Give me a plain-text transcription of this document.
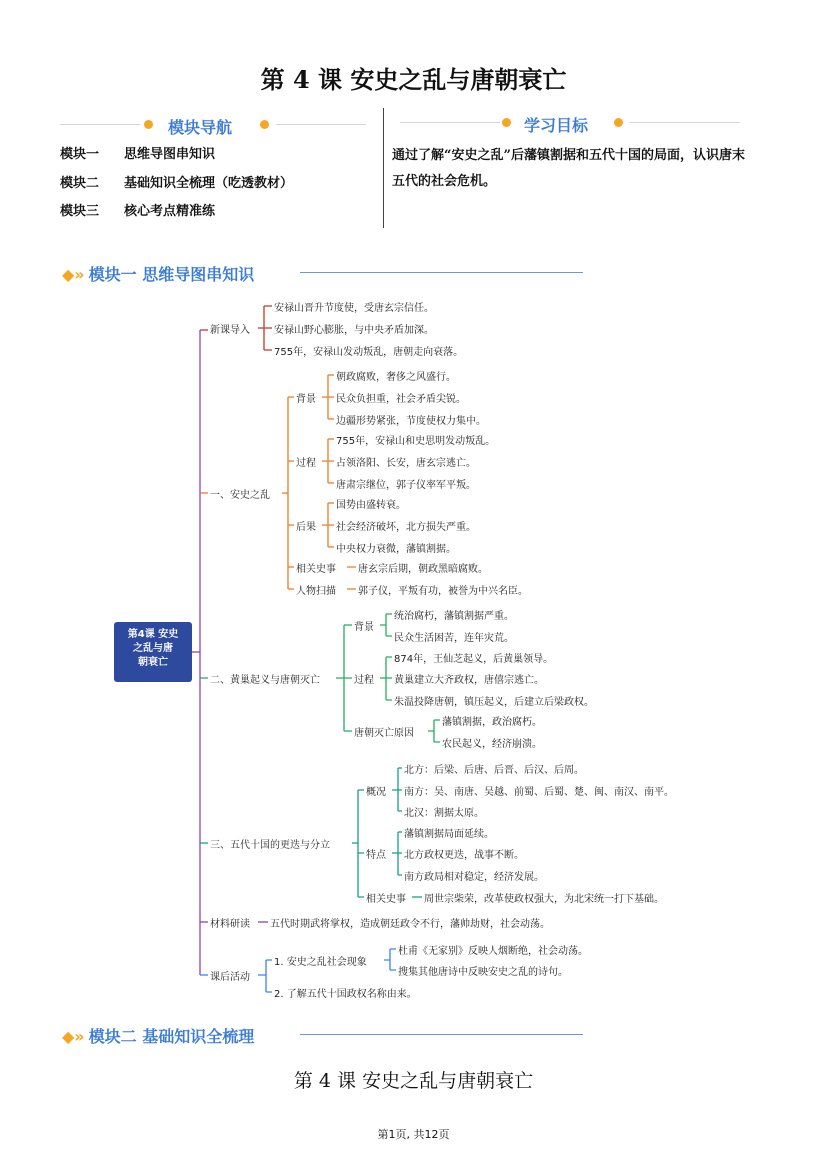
第 4 课 安史之乱与唐朝衰亡
模块导航
模块一 思维导图串知识
模块二 基础知识全梳理（吃透教材）
模块三 核心考点精准练
学习目标
通过了解“安史之乱”后藩镇割据和五代十国的局面，认识唐末五代的社会危机。
◆» 模块一 思维导图串知识
第4课 安史
之乱与唐
朝衰亡
新课导入
安禄山晋升节度使，受唐玄宗信任。
安禄山野心膨胀，与中央矛盾加深。
755年，安禄山发动叛乱，唐朝走向衰落。
一、安史之乱
背景
朝政腐败，奢侈之风盛行。
民众负担重，社会矛盾尖锐。
边疆形势紧张，节度使权力集中。
过程
755年，安禄山和史思明发动叛乱。
占领洛阳、长安，唐玄宗逃亡。
唐肃宗继位，郭子仪率军平叛。
后果
国势由盛转衰。
社会经济破坏，北方损失严重。
中央权力衰微，藩镇割据。
相关史事 唐玄宗后期，朝政黑暗腐败。
人物扫描 郭子仪，平叛有功，被誉为中兴名臣。
二、黄巢起义与唐朝灭亡
背景
统治腐朽，藩镇割据严重。
民众生活困苦，连年灾荒。
过程
874年，王仙芝起义，后黄巢领导。
黄巢建立大齐政权，唐僖宗逃亡。
朱温投降唐朝，镇压起义，后建立后梁政权。
唐朝灭亡原因
藩镇割据，政治腐朽。
农民起义，经济崩溃。
三、五代十国的更迭与分立
概况
北方：后梁、后唐、后晋、后汉、后周。
南方：吴、南唐、吴越、前蜀、后蜀、楚、闽、南汉、南平。
北汉：割据太原。
特点
藩镇割据局面延续。
北方政权更迭，战事不断。
南方政局相对稳定，经济发展。
相关史事 周世宗柴荣，改革使政权强大，为北宋统一打下基础。
材料研读 五代时期武将掌权，造成朝廷政令不行，藩帅劫财，社会动荡。
课后活动
1. 安史之乱社会现象
杜甫《无家别》反映人烟断绝，社会动荡。
搜集其他唐诗中反映安史之乱的诗句。
2. 了解五代十国政权名称由来。
◆» 模块二 基础知识全梳理
第 4 课 安史之乱与唐朝衰亡
第1页, 共12页
